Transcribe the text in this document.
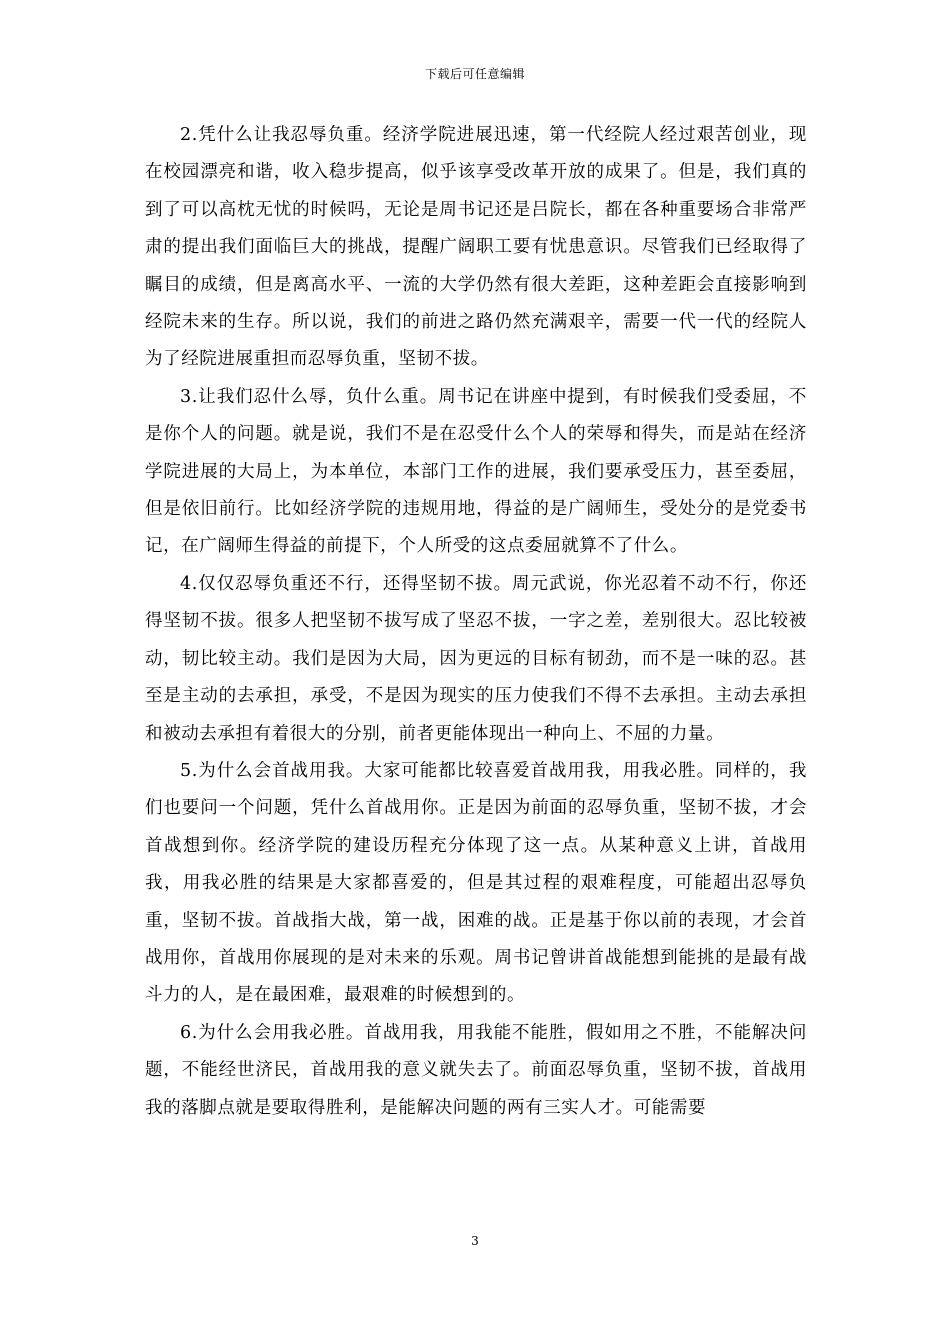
下载后可任意编辑

2.凭什么让我忍辱负重。经济学院进展迅速，第一代经院人经过艰苦创业，现在校园漂亮和谐，收入稳步提高，似乎该享受改革开放的成果了。但是，我们真的到了可以高枕无忧的时候吗，无论是周书记还是吕院长，都在各种重要场合非常严肃的提出我们面临巨大的挑战，提醒广阔职工要有忧患意识。尽管我们已经取得了瞩目的成绩，但是离高水平、一流的大学仍然有很大差距，这种差距会直接影响到经院未来的生存。所以说，我们的前进之路仍然充满艰辛，需要一代一代的经院人为了经院进展重担而忍辱负重，坚韧不拔。

3.让我们忍什么辱，负什么重。周书记在讲座中提到，有时候我们受委屈，不是你个人的问题。就是说，我们不是在忍受什么个人的荣辱和得失，而是站在经济学院进展的大局上，为本单位，本部门工作的进展，我们要承受压力，甚至委屈，但是依旧前行。比如经济学院的违规用地，得益的是广阔师生，受处分的是党委书记，在广阔师生得益的前提下，个人所受的这点委屈就算不了什么。

4.仅仅忍辱负重还不行，还得坚韧不拔。周元武说，你光忍着不动不行，你还得坚韧不拔。很多人把坚韧不拔写成了坚忍不拔，一字之差，差别很大。忍比较被动，韧比较主动。我们是因为大局，因为更远的目标有韧劲，而不是一味的忍。甚至是主动的去承担，承受，不是因为现实的压力使我们不得不去承担。主动去承担和被动去承担有着很大的分别，前者更能体现出一种向上、不屈的力量。

5.为什么会首战用我。大家可能都比较喜爱首战用我，用我必胜。同样的，我们也要问一个问题，凭什么首战用你。正是因为前面的忍辱负重，坚韧不拔，才会首战想到你。经济学院的建设历程充分体现了这一点。从某种意义上讲，首战用我，用我必胜的结果是大家都喜爱的，但是其过程的艰难程度，可能超出忍辱负重，坚韧不拔。首战指大战，第一战，困难的战。正是基于你以前的表现，才会首战用你，首战用你展现的是对未来的乐观。周书记曾讲首战能想到能挑的是最有战斗力的人，是在最困难，最艰难的时候想到的。

6.为什么会用我必胜。首战用我，用我能不能胜，假如用之不胜，不能解决问题，不能经世济民，首战用我的意义就失去了。前面忍辱负重，坚韧不拔，首战用我的落脚点就是要取得胜利，是能解决问题的两有三实人才。可能需要

3
